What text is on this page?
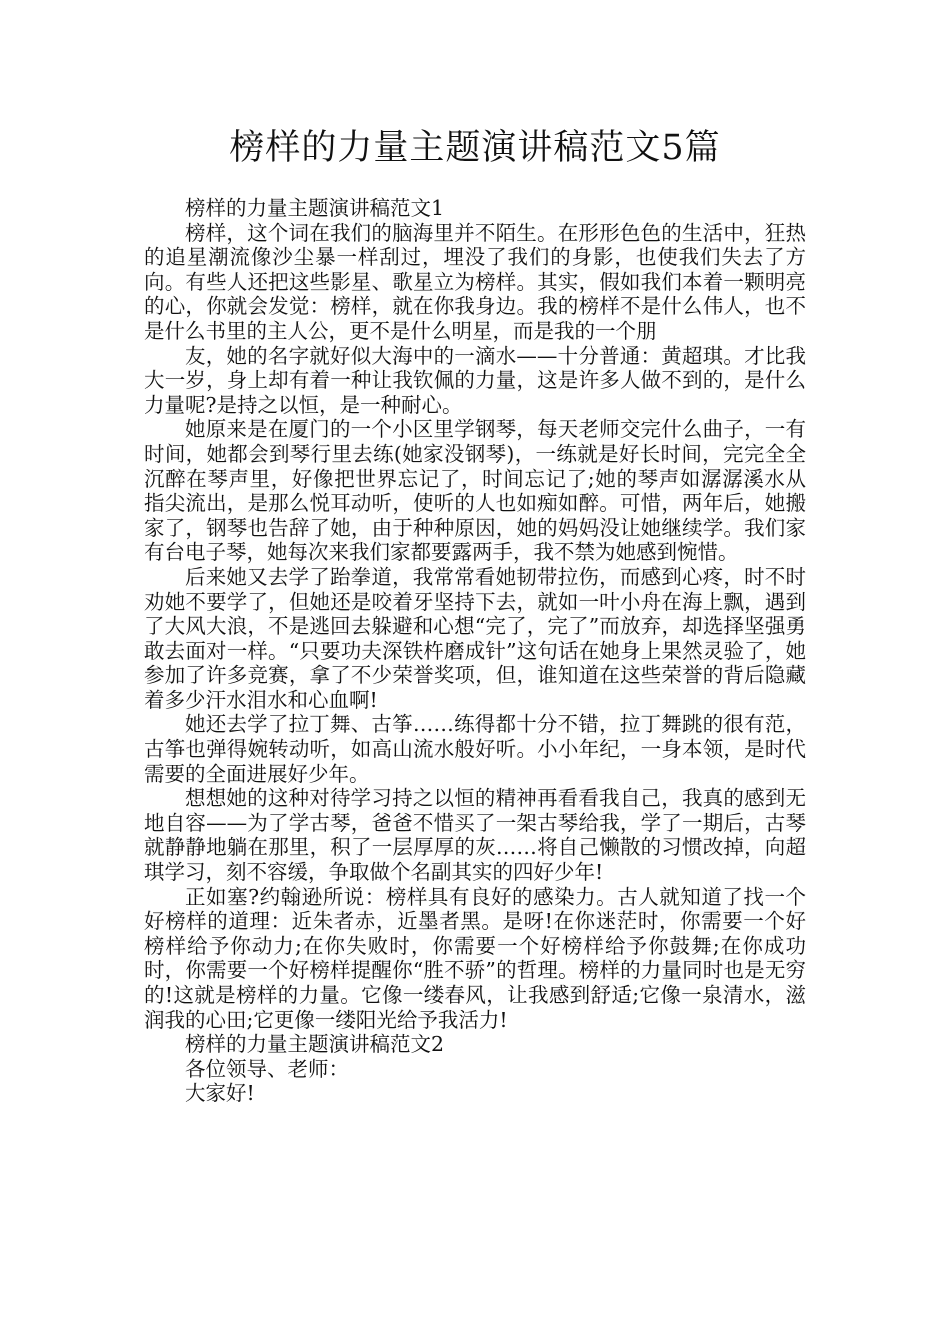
榜样的力量主题演讲稿范文5篇

榜样的力量主题演讲稿范文1

榜样，这个词在我们的脑海里并不陌生。在形形色色的生活中，狂热的追星潮流像沙尘暴一样刮过，埋没了我们的身影，也使我们失去了方向。有些人还把这些影星、歌星立为榜样。其实，假如我们本着一颗明亮的心，你就会发觉：榜样，就在你我身边。我的榜样不是什么伟人，也不是什么书里的主人公，更不是什么明星，而是我的一个朋

友，她的名字就好似大海中的一滴水——十分普通：黄超琪。才比我大一岁，身上却有着一种让我钦佩的力量，这是许多人做不到的，是什么力量呢?是持之以恒，是一种耐心。

她原来是在厦门的一个小区里学钢琴，每天老师交完什么曲子，一有时间，她都会到琴行里去练(她家没钢琴)，一练就是好长时间，完完全全沉醉在琴声里，好像把世界忘记了，时间忘记了;她的琴声如潺潺溪水从指尖流出，是那么悦耳动听，使听的人也如痴如醉。可惜，两年后，她搬家了，钢琴也告辞了她，由于种种原因，她的妈妈没让她继续学。我们家有台电子琴，她每次来我们家都要露两手，我不禁为她感到惋惜。

后来她又去学了跆拳道，我常常看她韧带拉伤，而感到心疼，时不时劝她不要学了，但她还是咬着牙坚持下去，就如一叶小舟在海上飘，遇到了大风大浪，不是逃回去躲避和心想“完了，完了”而放弃，却选择坚强勇敢去面对一样。“只要功夫深铁杵磨成针”这句话在她身上果然灵验了，她参加了许多竞赛，拿了不少荣誉奖项，但，谁知道在这些荣誉的背后隐藏着多少汗水泪水和心血啊!

她还去学了拉丁舞、古筝……练得都十分不错，拉丁舞跳的很有范，古筝也弹得婉转动听，如高山流水般好听。小小年纪，一身本领，是时代需要的全面进展好少年。

想想她的这种对待学习持之以恒的精神再看看我自己，我真的感到无地自容——为了学古琴，爸爸不惜买了一架古琴给我，学了一期后，古琴就静静地躺在那里，积了一层厚厚的灰……将自己懒散的习惯改掉，向超琪学习，刻不容缓，争取做个名副其实的四好少年!

正如塞?约翰逊所说：榜样具有良好的感染力。古人就知道了找一个好榜样的道理：近朱者赤，近墨者黑。是呀!在你迷茫时，你需要一个好榜样给予你动力;在你失败时，你需要一个好榜样给予你鼓舞;在你成功时，你需要一个好榜样提醒你“胜不骄”的哲理。榜样的力量同时也是无穷的!这就是榜样的力量。它像一缕春风，让我感到舒适;它像一泉清水，滋润我的心田;它更像一缕阳光给予我活力!

榜样的力量主题演讲稿范文2

各位领导、老师：

大家好!
